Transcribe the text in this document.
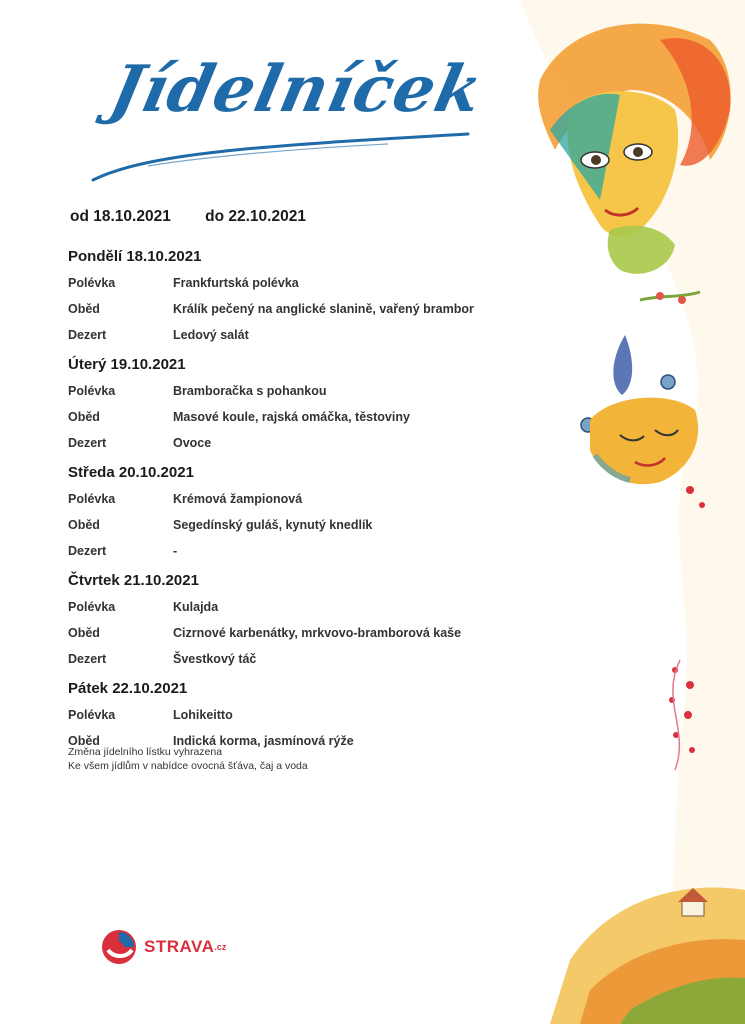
Jídelníček
od 18.10.2021 do 22.10.2021
Pondělí 18.10.2021
Polévka	Frankfurtská polévka
Oběd	Králík pečený na anglické slanině, vařený brambor
Dezert	Ledový salát
Úterý 19.10.2021
Polévka	Bramboračka s pohankou
Oběd	Masové koule, rajská omáčka, těstoviny
Dezert	Ovoce
Středa 20.10.2021
Polévka	Krémová žampionová
Oběd	Segedínský guláš, kynutý knedlík
Dezert	-
Čtvrtek 21.10.2021
Polévka	Kulajda
Oběd	Cizrnové karbenátky, mrkvovo-bramborová kaše
Dezert	Švestkový táč
Pátek 22.10.2021
Polévka	Lohikeitto
Oběd	Indická korma, jasmínová rýže
Změna jídelního lístku vyhrazena
Ke všem jídlům v nabídce ovocná šťáva, čaj a voda
STRAVA .cz
